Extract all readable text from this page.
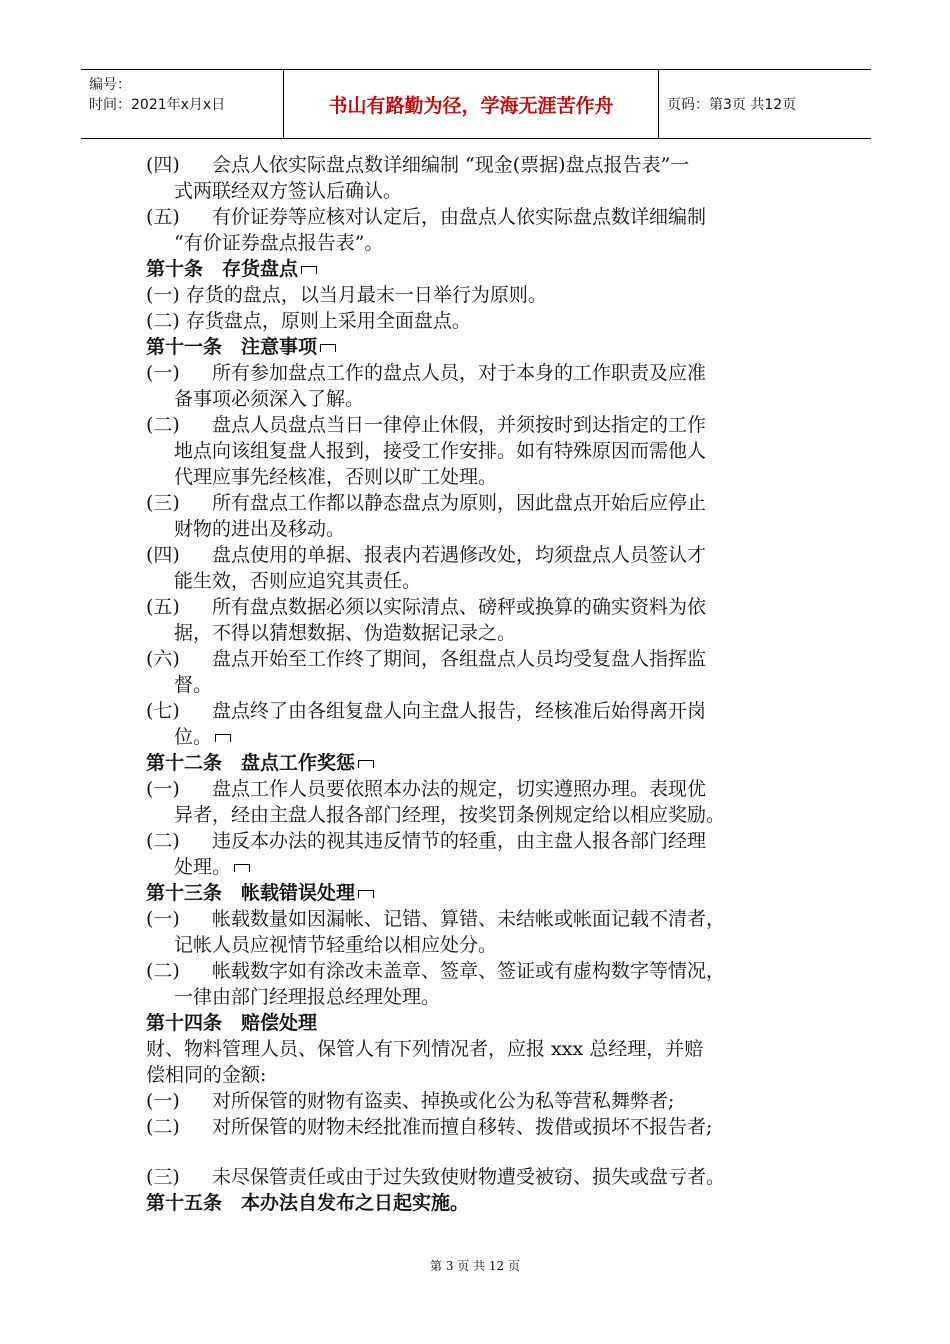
编号：
时间：2021年x月x日	书山有路勤为径，学海无涯苦作舟	页码：第3页 共12页
(四)	会点人依实际盘点数详细编制 “现金(票据)盘点报告表”一
式两联经双方签认后确认。
(五)	有价证券等应核对认定后，由盘点人依实际盘点数详细编制
“有价证券盘点报告表”。
第十条　存货盘点
(一) 存货的盘点，以当月最末一日举行为原则。
(二) 存货盘点，原则上采用全面盘点。
第十一条　注意事项
(一)	所有参加盘点工作的盘点人员，对于本身的工作职责及应准
备事项必须深入了解。
(二)	盘点人员盘点当日一律停止休假，并须按时到达指定的工作
地点向该组复盘人报到，接受工作安排。如有特殊原因而需他人
代理应事先经核准，否则以旷工处理。
(三)	所有盘点工作都以静态盘点为原则，因此盘点开始后应停止
财物的进出及移动。
(四)	盘点使用的单据、报表内若遇修改处，均须盘点人员签认才
能生效，否则应追究其责任。
(五)	所有盘点数据必须以实际清点、磅秤或换算的确实资料为依
据，不得以猜想数据、伪造数据记录之。
(六)	盘点开始至工作终了期间，各组盘点人员均受复盘人指挥监
督。
(七)	盘点终了由各组复盘人向主盘人报告，经核准后始得离开岗
位。
第十二条　盘点工作奖惩
(一)	盘点工作人员要依照本办法的规定，切实遵照办理。表现优
异者，经由主盘人报各部门经理，按奖罚条例规定给以相应奖励。
(二)	违反本办法的视其违反情节的轻重，由主盘人报各部门经理
处理。
第十三条　帐载错误处理
(一)	帐载数量如因漏帐、记错、算错、未结帐或帐面记载不清者，
记帐人员应视情节轻重给以相应处分。
(二)	帐载数字如有涂改未盖章、签章、签证或有虚构数字等情况，
一律由部门经理报总经理处理。
第十四条　赔偿处理
财、物料管理人员、保管人有下列情况者，应报 xxx 总经理，并赔
偿相同的金额:
(一)	对所保管的财物有盗卖、掉换或化公为私等营私舞弊者;
(二)	对所保管的财物未经批准而擅自移转、拨借或损坏不报告者;
(三)	未尽保管责任或由于过失致使财物遭受被窃、损失或盘亏者。
第十五条　本办法自发布之日起实施。
第 3 页 共 12 页
